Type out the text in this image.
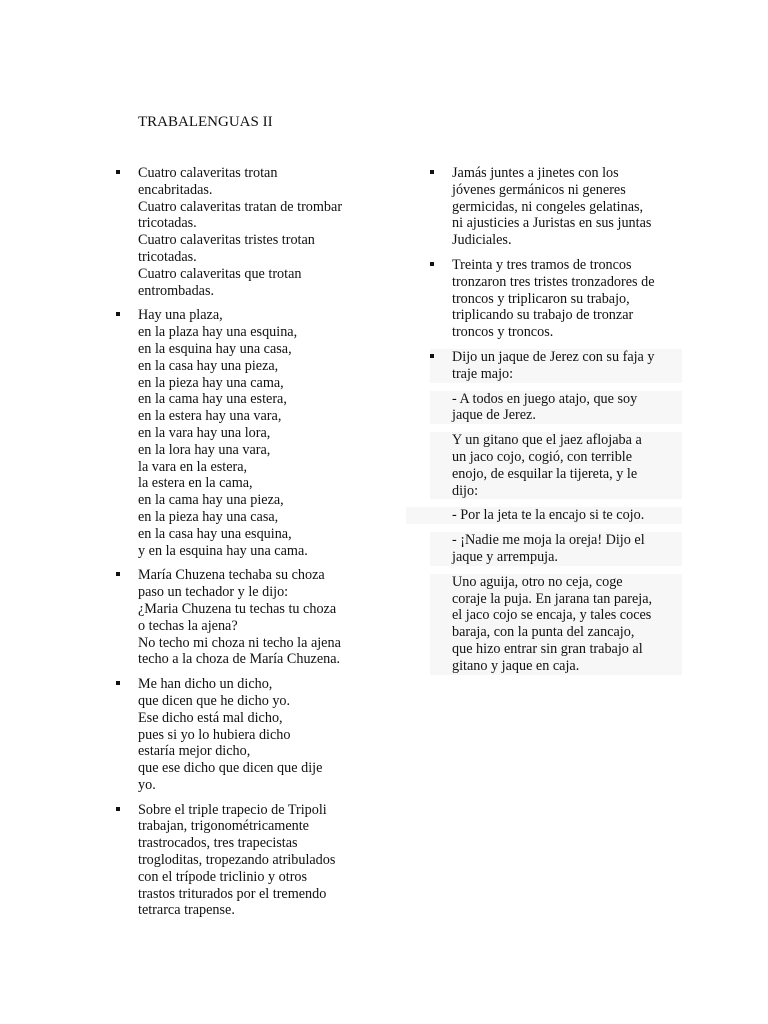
TRABALENGUAS II
Cuatro calaveritas trotan
encabritadas.
Cuatro calaveritas tratan de trombar
tricotadas.
Cuatro calaveritas tristes trotan
tricotadas.
Cuatro calaveritas que trotan
entrombadas.
Hay una plaza,
en la plaza hay una esquina,
en la esquina hay una casa,
en la casa hay una pieza,
en la pieza hay una cama,
en la cama hay una estera,
en la estera hay una vara,
en la vara hay una lora,
en la lora hay una vara,
la vara en la estera,
la estera en la cama,
en la cama hay una pieza,
en la pieza hay una casa,
en la casa hay una esquina,
y en la esquina hay una cama.
María Chuzena techaba su choza
paso un techador y le dijo:
¿Maria Chuzena tu techas tu choza
o techas la ajena?
No techo mi choza ni techo la ajena
techo a la choza de María Chuzena.
Me han dicho un dicho,
que dicen que he dicho yo.
Ese dicho está mal dicho,
pues si yo lo hubiera dicho
estaría mejor dicho,
que ese dicho que dicen que dije
yo.
Sobre el triple trapecio de Tripoli
trabajan, trigonométricamente
trastrocados, tres trapecistas
trogloditas, tropezando atribulados
con el trípode triclinio y otros
trastos triturados por el tremendo
tetrarca trapense.
Jamás juntes a jinetes con los
jóvenes germánicos ni generes
germicidas, ni congeles gelatinas,
ni ajusticies a Juristas en sus juntas
Judiciales.
Treinta y tres tramos de troncos
tronzaron tres tristes tronzadores de
troncos y triplicaron su trabajo,
triplicando su trabajo de tronzar
troncos y troncos.
Dijo un jaque de Jerez con su faja y
traje majo:
- A todos en juego atajo, que soy
jaque de Jerez.
Y un gitano que el jaez aflojaba a
un jaco cojo, cogió, con terrible
enojo, de esquilar la tijereta, y le
dijo:
- Por la jeta te la encajo si te cojo.
- ¡Nadie me moja la oreja! Dijo el
jaque y arrempuja.
Uno aguija, otro no ceja, coge
coraje la puja. En jarana tan pareja,
el jaco cojo se encaja, y tales coces
baraja, con la punta del zancajo,
que hizo entrar sin gran trabajo al
gitano y jaque en caja.
